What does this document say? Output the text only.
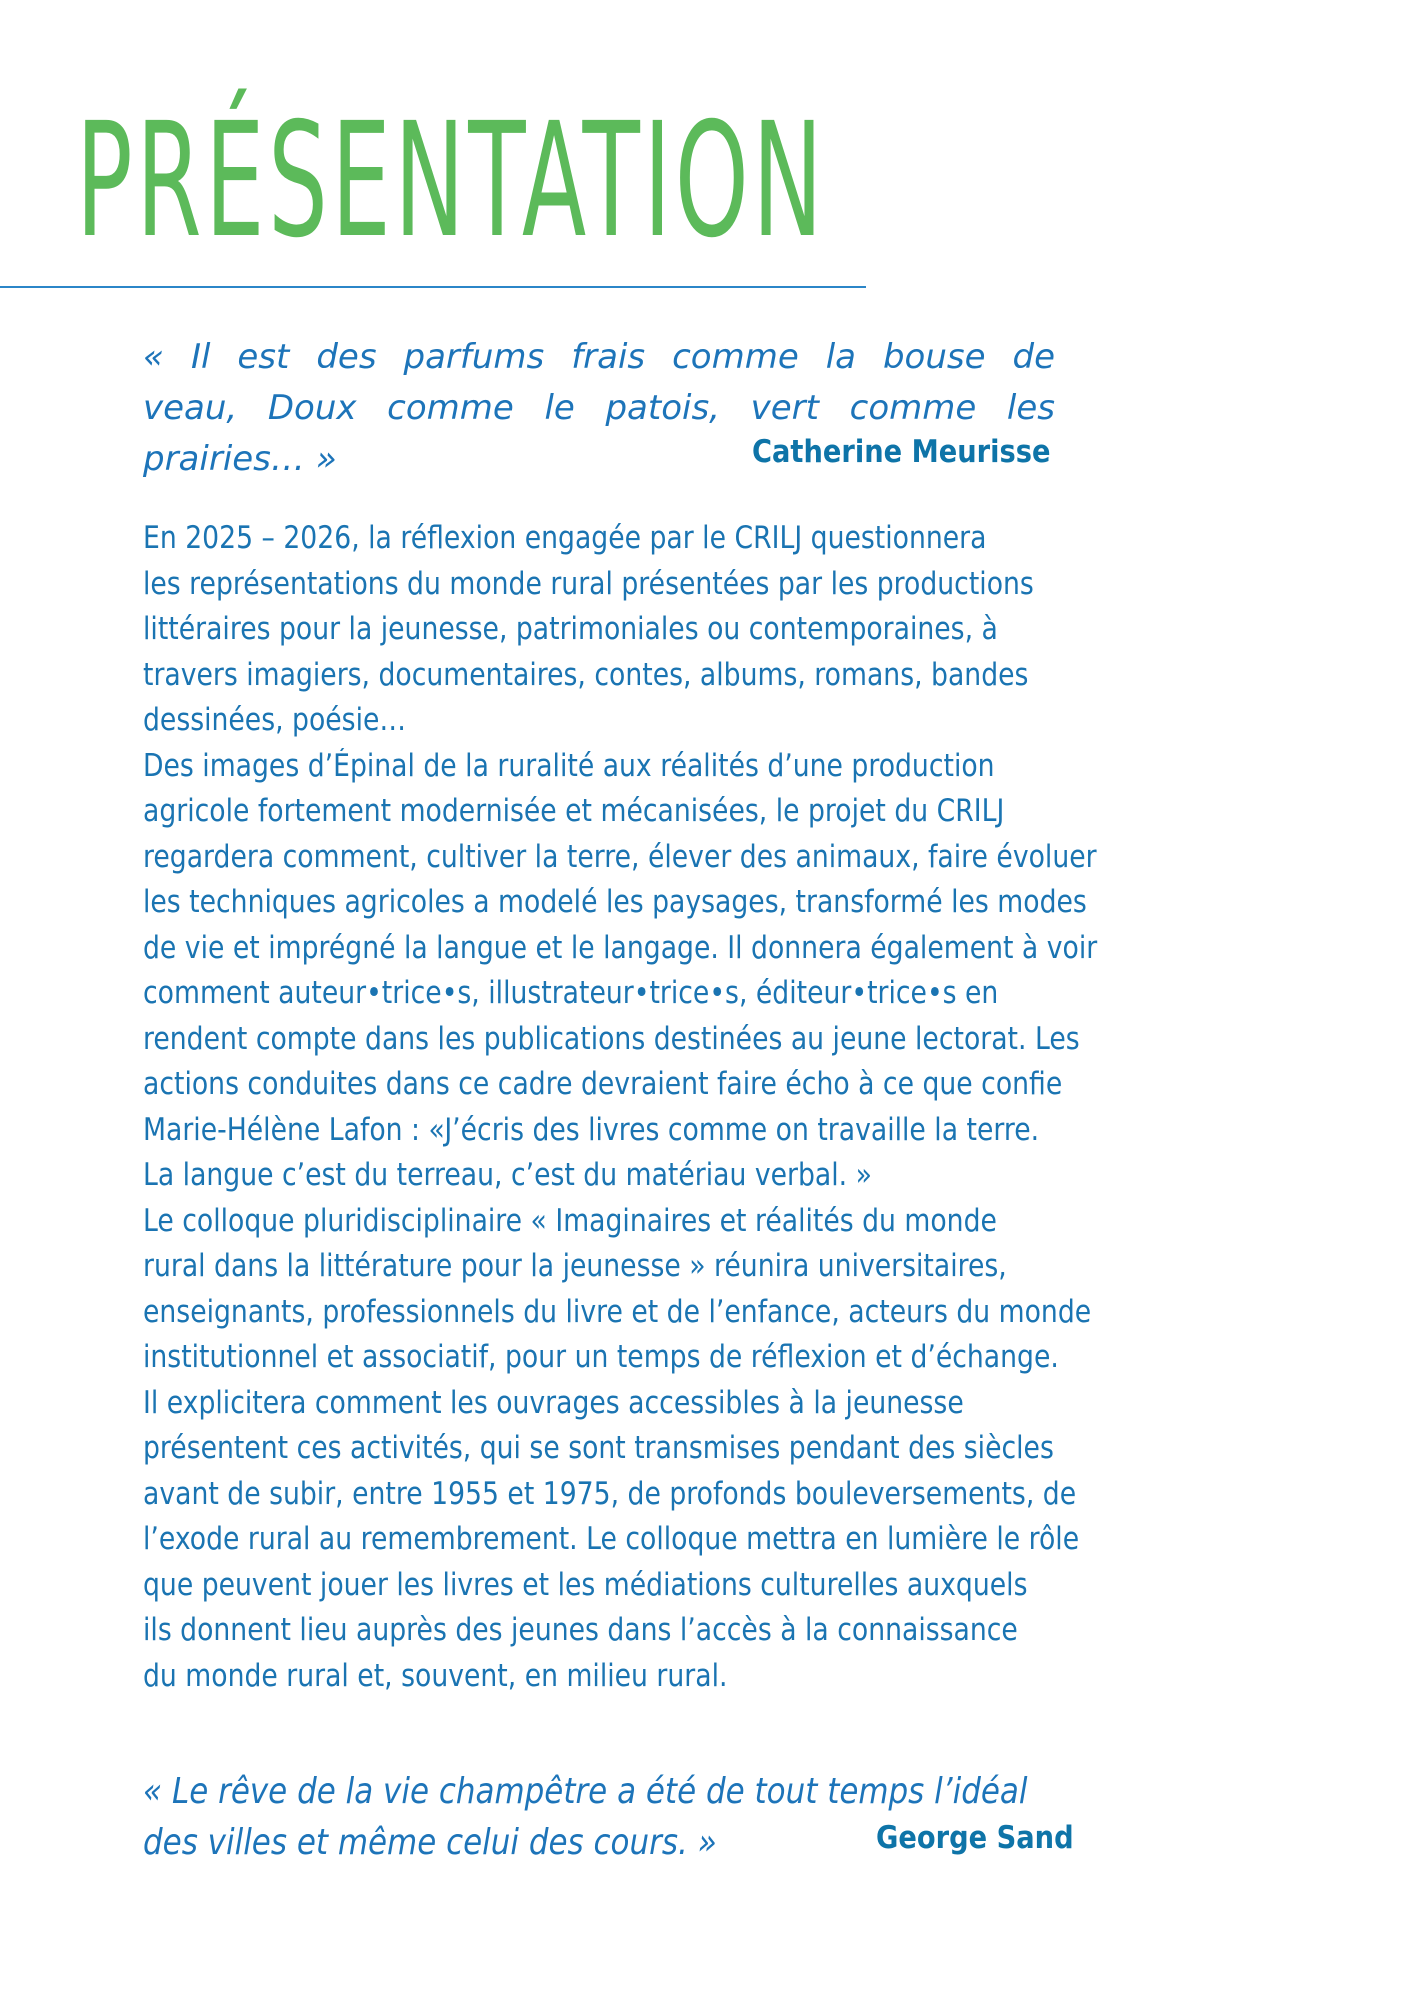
PRÉSENTATION
« Il est des parfums frais comme la bouse de
veau, Doux comme le patois, vert comme les
prairies… »	Catherine Meurisse
En 2025 – 2026, la réflexion engagée par le CRILJ questionnera
les représentations du monde rural présentées par les productions
littéraires pour la jeunesse, patrimoniales ou contemporaines, à
travers imagiers, documentaires, contes, albums, romans, bandes
dessinées, poésie…
Des images d’Épinal de la ruralité aux réalités d’une production
agricole fortement modernisée et mécanisées, le projet du CRILJ
regardera comment, cultiver la terre, élever des animaux, faire évoluer
les techniques agricoles a modelé les paysages, transformé les modes
de vie et imprégné la langue et le langage. Il donnera également à voir
comment auteur•trice•s, illustrateur•trice•s, éditeur•trice•s en
rendent compte dans les publications destinées au jeune lectorat. Les
actions conduites dans ce cadre devraient faire écho à ce que confie
Marie-Hélène Lafon : «J’écris des livres comme on travaille la terre.
La langue c’est du terreau, c’est du matériau verbal. »
Le colloque pluridisciplinaire « Imaginaires et réalités du monde
rural dans la littérature pour la jeunesse » réunira universitaires,
enseignants, professionnels du livre et de l’enfance, acteurs du monde
institutionnel et associatif, pour un temps de réflexion et d’échange.
Il explicitera comment les ouvrages accessibles à la jeunesse
présentent ces activités, qui se sont transmises pendant des siècles
avant de subir, entre 1955 et 1975, de profonds bouleversements, de
l’exode rural au remembrement. Le colloque mettra en lumière le rôle
que peuvent jouer les livres et les médiations culturelles auxquels
ils donnent lieu auprès des jeunes dans l’accès à la connaissance
du monde rural et, souvent, en milieu rural.
« Le rêve de la vie champêtre a été de tout temps l’idéal
des villes et même celui des cours. »	George Sand
